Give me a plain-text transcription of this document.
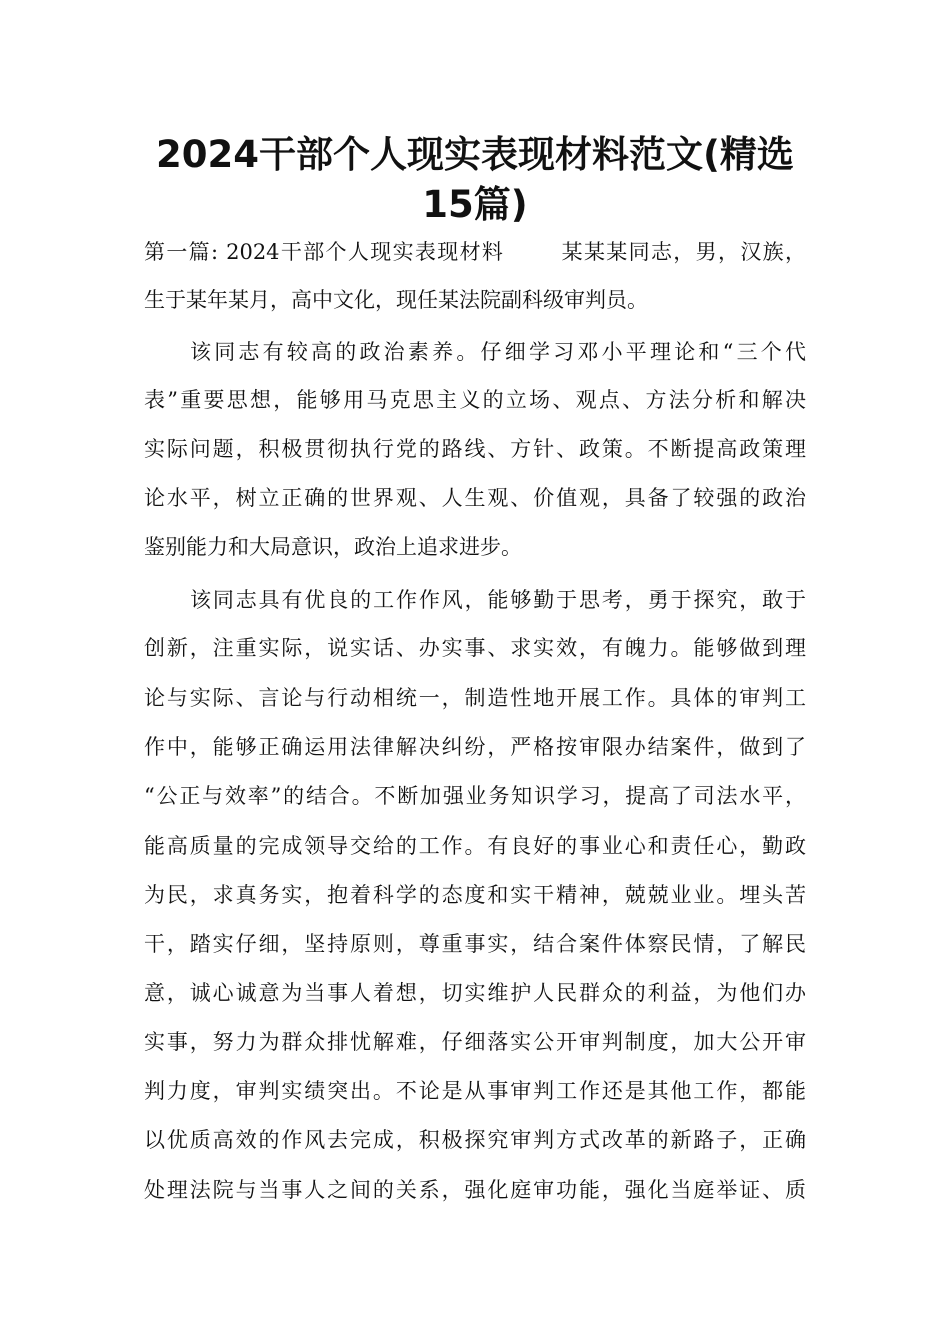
2024干部个人现实表现材料范文(精选
15篇)

第一篇: 2024干部个人现实表现材料	某某某同志，男，汉族，

生于某年某月，高中文化，现任某法院副科级审判员。

该同志有较高的政治素养。仔细学习邓小平理论和“三个代

表”重要思想，能够用马克思主义的立场、观点、方法分析和解决

实际问题，积极贯彻执行党的路线、方针、政策。不断提高政策理

论水平，树立正确的世界观、人生观、价值观，具备了较强的政治

鉴别能力和大局意识，政治上追求进步。

该同志具有优良的工作作风，能够勤于思考，勇于探究，敢于

创新，注重实际，说实话、办实事、求实效，有魄力。能够做到理

论与实际、言论与行动相统一，制造性地开展工作。具体的审判工

作中，能够正确运用法律解决纠纷，严格按审限办结案件，做到了

“公正与效率”的结合。不断加强业务知识学习，提高了司法水平，

能高质量的完成领导交给的工作。有良好的事业心和责任心，勤政

为民，求真务实，抱着科学的态度和实干精神，兢兢业业。埋头苦

干，踏实仔细，坚持原则，尊重事实，结合案件体察民情，了解民

意，诚心诚意为当事人着想，切实维护人民群众的利益，为他们办

实事，努力为群众排忧解难，仔细落实公开审判制度，加大公开审

判力度，审判实绩突出。不论是从事审判工作还是其他工作，都能

以优质高效的作风去完成，积极探究审判方式改革的新路子，正确

处理法院与当事人之间的关系，强化庭审功能，强化当庭举证、质
